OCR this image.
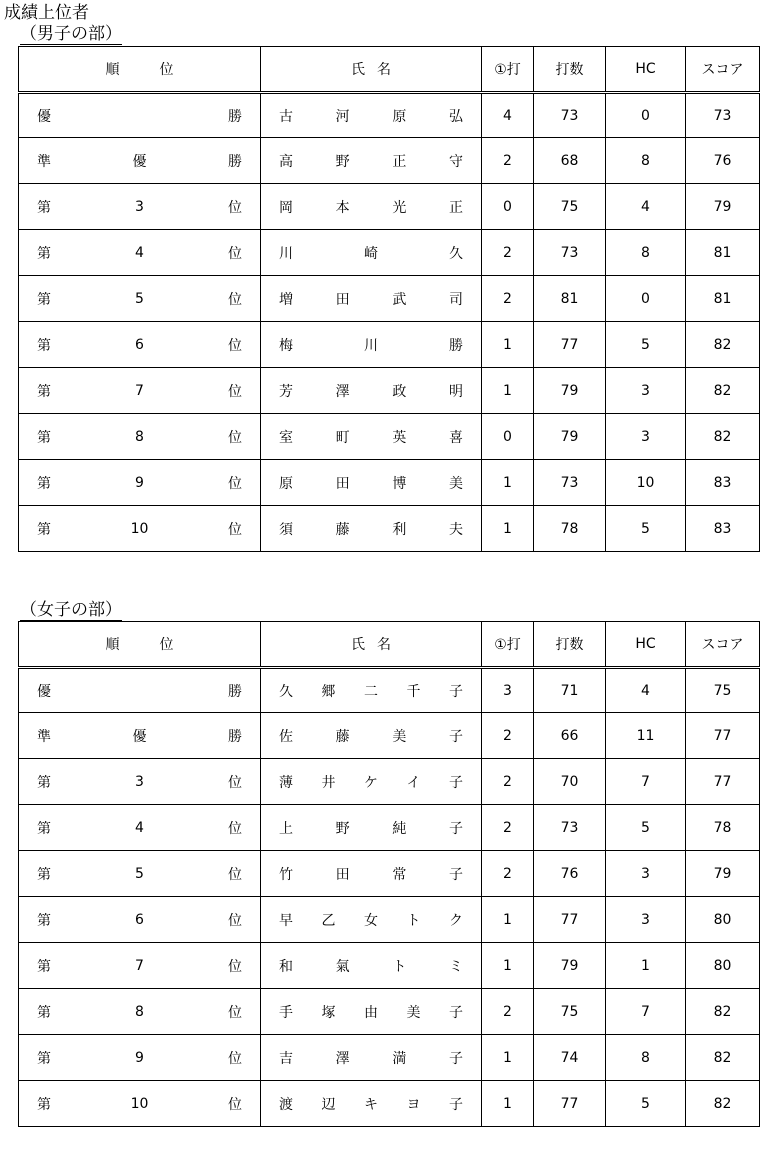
成績上位者
（男子の部）
順 位	氏 名	①打	打数	HC	スコア

優 勝	古 河 原 弘	4	73	0	73

準 優 勝	高 野 正 守	2	68	8	76

第 3 位	岡 本 光 正	0	75	4	79

第 4 位	川 崎 久	2	73	8	81

第 5 位	増 田 武 司	2	81	0	81

第 6 位	梅 川 勝	1	77	5	82

第 7 位	芳 澤 政 明	1	79	3	82

第 8 位	室 町 英 喜	0	79	3	82

第 9 位	原 田 博 美	1	73	10	83

第 10 位	須 藤 利 夫	1	78	5	83
（女子の部）
順 位	氏 名	①打	打数	HC	スコア

優 勝	久 郷 二 千 子	3	71	4	75

準 優 勝	佐 藤 美 子	2	66	11	77

第 3 位	薄 井 ケ イ 子	2	70	7	77

第 4 位	上 野 純 子	2	73	5	78

第 5 位	竹 田 常 子	2	76	3	79

第 6 位	早 乙 女 ト ク	1	77	3	80

第 7 位	和 氣 ト ミ	1	79	1	80

第 8 位	手 塚 由 美 子	2	75	7	82

第 9 位	吉 澤 満 子	1	74	8	82

第 10 位	渡 辺 キ ヨ 子	1	77	5	82
